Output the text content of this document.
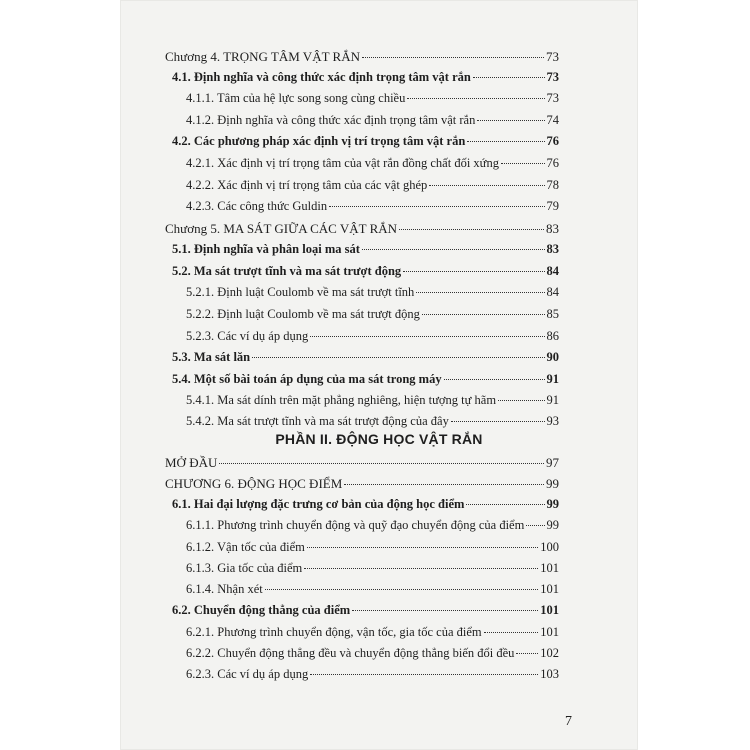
Chương 4. TRỌNG TÂM VẬT RẮN	73
4.1. Định nghĩa và công thức xác định trọng tâm vật rắn	73
4.1.1. Tâm của hệ lực song song cùng chiều	73
4.1.2. Định nghĩa và công thức xác định trọng tâm vật rắn	74
4.2. Các phương pháp xác định vị trí trọng tâm vật rắn	76
4.2.1. Xác định vị trí trọng tâm của vật rắn đồng chất đối xứng	76
4.2.2. Xác định vị trí trọng tâm của các vật ghép	78
4.2.3. Các công thức Guldin	79
Chương 5. MA SÁT GIỮA CÁC VẬT RẮN	83
5.1. Định nghĩa và phân loại ma sát	83
5.2. Ma sát trượt tĩnh và ma sát trượt động	84
5.2.1. Định luật Coulomb về ma sát trượt tĩnh	84
5.2.2. Định luật Coulomb về ma sát trượt động	85
5.2.3. Các ví dụ áp dụng	86
5.3. Ma sát lăn	90
5.4. Một số bài toán áp dụng của ma sát trong máy	91
5.4.1. Ma sát dính trên mặt phẳng nghiêng, hiện tượng tự hãm	91
5.4.2. Ma sát trượt tĩnh và ma sát trượt động của đây	93
MỞ ĐẦU	97
CHƯƠNG 6. ĐỘNG HỌC ĐIỂM	99
6.1. Hai đại lượng đặc trưng cơ bản của động học điểm	99
6.1.1. Phương trình chuyển động và quỹ đạo chuyển động của điểm 99
6.1.2. Vận tốc của điểm	100
6.1.3. Gia tốc của điểm	101
6.1.4. Nhận xét	101
6.2. Chuyển động thẳng của điểm	101
6.2.1. Phương trình chuyển động, vận tốc, gia tốc của điểm	101
6.2.2. Chuyển động thẳng đều và chuyển động thẳng biến đổi đều 102
6.2.3. Các ví dụ áp dụng	103
PHẦN II. ĐỘNG HỌC VẬT RẮN
7
